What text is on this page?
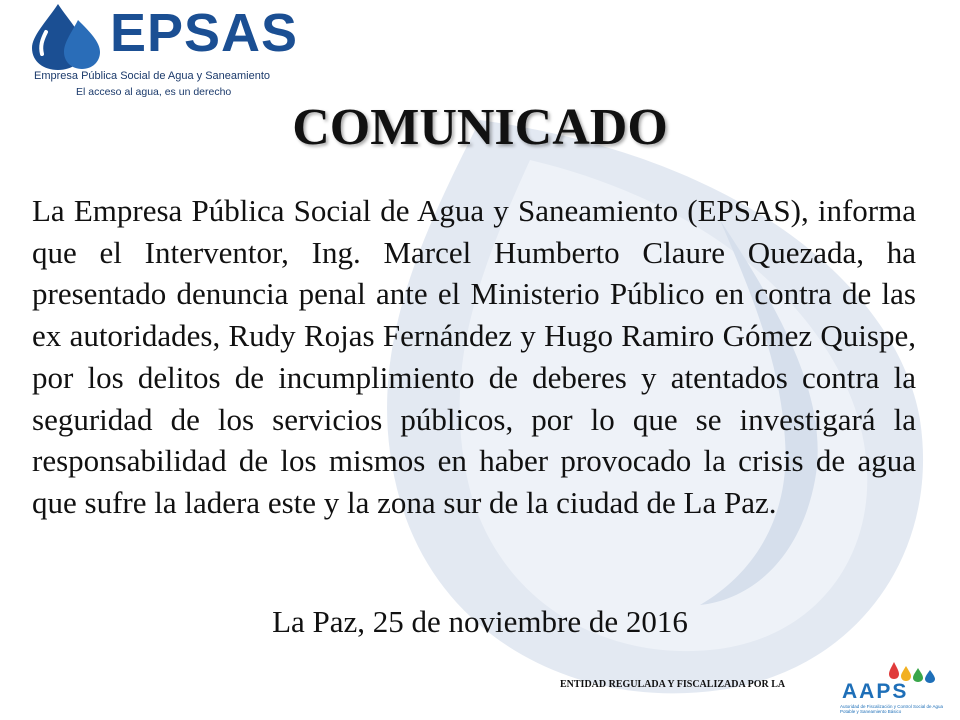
EPSAS
Empresa Pública Social de Agua y Saneamiento
El acceso al agua, es un derecho
COMUNICADO

La Empresa Pública Social de Agua y Saneamiento (EPSAS), informa que el Interventor, Ing. Marcel Humberto Claure Quezada, ha presentado denuncia penal ante el Ministerio Público en contra de las ex autoridades, Rudy Rojas Fernández y Hugo Ramiro Gómez Quispe, por los delitos de incumplimiento de deberes y atentados contra la seguridad de los servicios públicos, por lo que se investigará la responsabilidad de los mismos en haber provocado la crisis de agua que sufre la ladera este y la zona sur de la ciudad de La Paz.

La Paz, 25 de noviembre de 2016
ENTIDAD REGULADA Y FISCALIZADA POR LA	AAPS
Autoridad de Fiscalización y Control Social de Agua Potable y Saneamiento Básico
